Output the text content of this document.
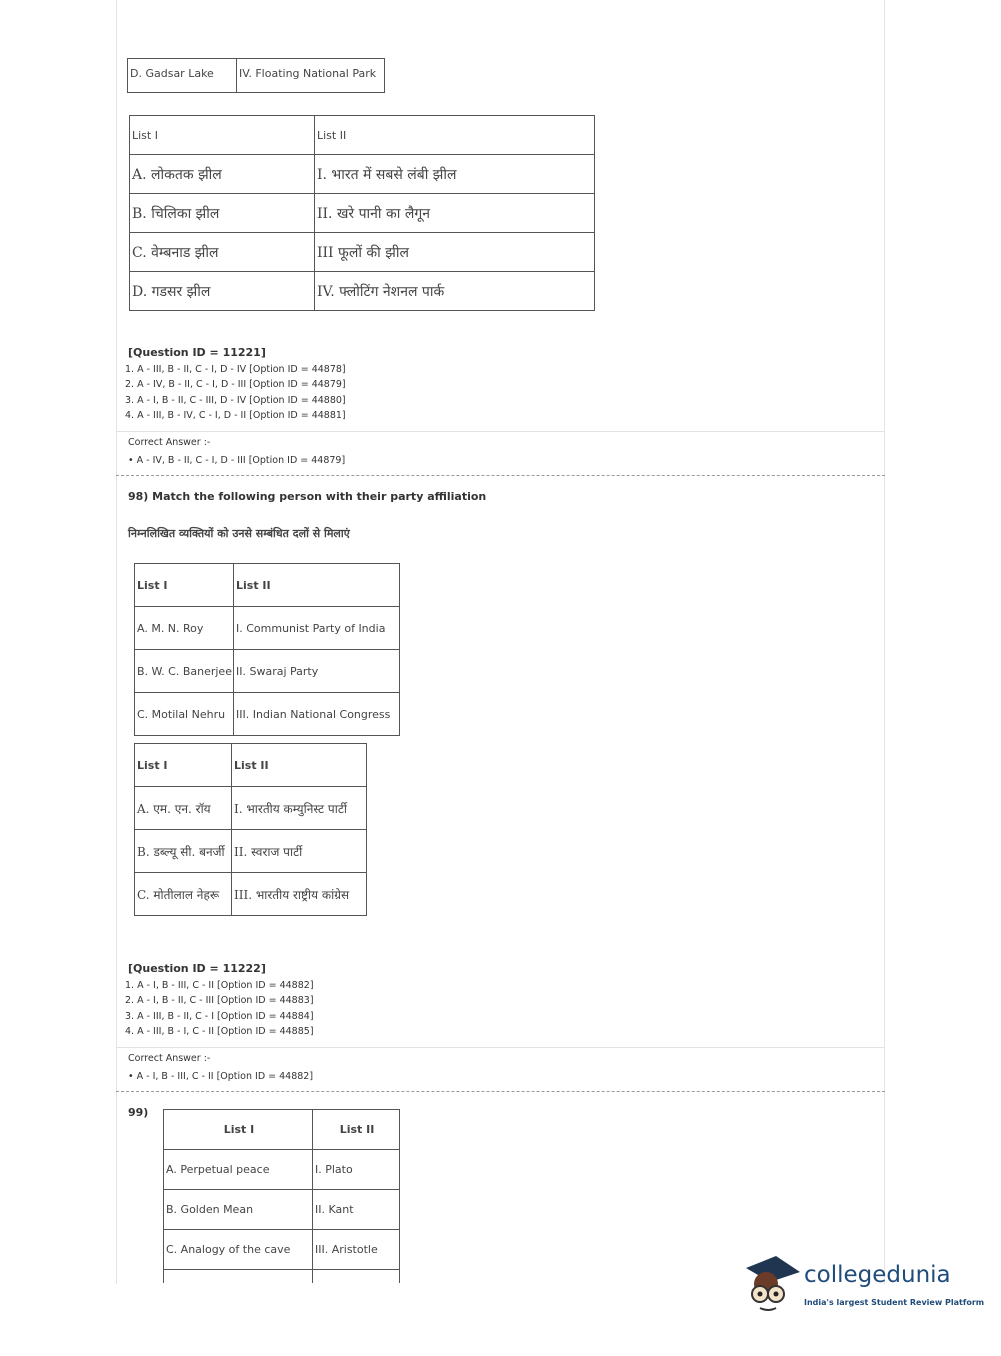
D. Gadsar Lake	IV. Floating National Park
List I	List II
A. लोकतक झील	I. भारत में सबसे लंबी झील
B. चिलिका झील	II. खरे पानी का लैगून
C. वेम्बनाड झील	III फूलों की झील
D. गडसर झील	IV. फ्लोटिंग नेशनल पार्क
[Question ID = 11221]
1. A - III, B - II, C - I, D - IV [Option ID = 44878]
2. A - IV, B - II, C - I, D - III [Option ID = 44879]
3. A - I, B - II, C - III, D - IV [Option ID = 44880]
4. A - III, B - IV, C - I, D - II [Option ID = 44881]
Correct Answer :-
• A - IV, B - II, C - I, D - III [Option ID = 44879]
98) Match the following person with their party affiliation
निम्नलिखित व्यक्तियों को उनसे सम्बंधित दलों से मिलाएं
List I	List II
A. M. N. Roy	I. Communist Party of India
B. W. C. Banerjee	II. Swaraj Party
C. Motilal Nehru	III. Indian National Congress
List I	List II
A. एम. एन. रॉय	I. भारतीय कम्युनिस्ट पार्टी
B. डब्ल्यू सी. बनर्जी	II. स्वराज पार्टी
C. मोतीलाल नेहरू	III. भारतीय राष्ट्रीय कांग्रेस
[Question ID = 11222]
1. A - I, B - III, C - II [Option ID = 44882]
2. A - I, B - II, C - III [Option ID = 44883]
3. A - III, B - II, C - I [Option ID = 44884]
4. A - III, B - I, C - II [Option ID = 44885]
Correct Answer :-
• A - I, B - III, C - II [Option ID = 44882]
99)
List I	List II
A. Perpetual peace	I. Plato
B. Golden Mean	II. Kant
C. Analogy of the cave	III. Aristotle

collegedunia
India's largest Student Review Platform
